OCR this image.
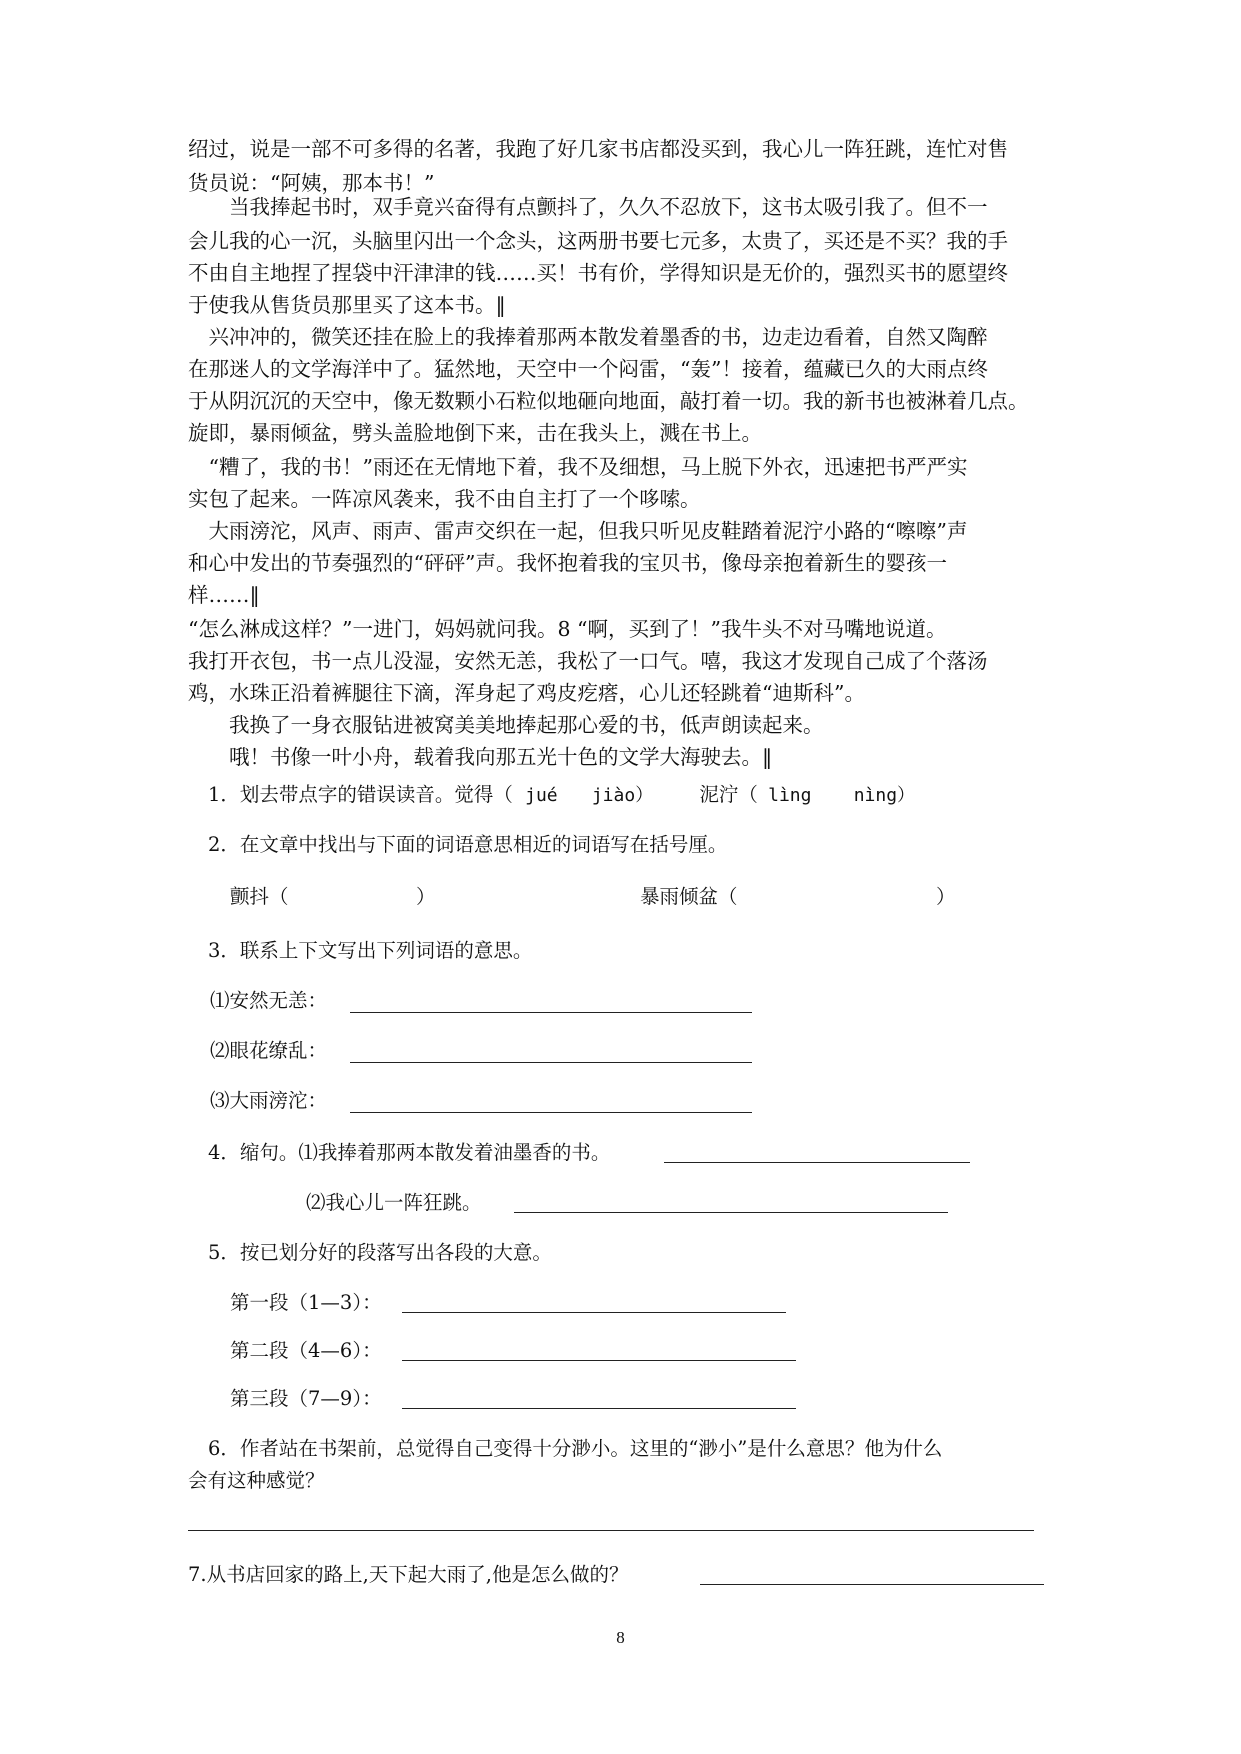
绍过，说是一部不可多得的名著，我跑了好几家书店都没买到，我心儿一阵狂跳，连忙对售
货员说：“阿姨，那本书！”
　　当我捧起书时，双手竟兴奋得有点颤抖了，久久不忍放下，这书太吸引我了。但不一
会儿我的心一沉，头脑里闪出一个念头，这两册书要七元多，太贵了，买还是不买？我的手
不由自主地捏了捏袋中汗津津的钱……买！书有价，学得知识是无价的，强烈买书的愿望终
于使我从售货员那里买了这本书。‖
　兴冲冲的，微笑还挂在脸上的我捧着那两本散发着墨香的书，边走边看着，自然又陶醉
在那迷人的文学海洋中了。猛然地，天空中一个闷雷，“轰”！接着，蕴藏已久的大雨点终
于从阴沉沉的天空中，像无数颗小石粒似地砸向地面，敲打着一切。我的新书也被淋着几点。
旋即，暴雨倾盆，劈头盖脸地倒下来，击在我头上，溅在书上。
　“糟了，我的书！”雨还在无情地下着，我不及细想，马上脱下外衣，迅速把书严严实
实包了起来。一阵凉风袭来，我不由自主打了一个哆嗦。
　大雨滂沱，风声、雨声、雷声交织在一起，但我只听见皮鞋踏着泥泞小路的“嚓嚓”声
和心中发出的节奏强烈的“砰砰”声。我怀抱着我的宝贝书，像母亲抱着新生的婴孩一
样……‖
“怎么淋成这样？”一进门，妈妈就问我。8 “啊，买到了！”我牛头不对马嘴地说道。
我打开衣包，书一点儿没湿，安然无恙，我松了一口气。嘻，我这才发现自己成了个落汤
鸡，水珠正沿着裤腿往下滴，浑身起了鸡皮疙瘩，心儿还轻跳着“迪斯科”。
　　我换了一身衣服钻进被窝美美地捧起那心爱的书，低声朗读起来。
　　哦！书像一叶小舟，载着我向那五光十色的文学大海驶去。‖
1．划去带点字的错误读音。觉得（ jué jiào） 泥泞（ lìng nìng）
2．在文章中找出与下面的词语意思相近的词语写在括号厘。
颤抖（	）	暴雨倾盆（	）
3．联系上下文写出下列词语的意思。
⑴安然无恙：
⑵眼花缭乱：
⑶大雨滂沱：
4．缩句。⑴我捧着那两本散发着油墨香的书。
⑵我心儿一阵狂跳。
5．按已划分好的段落写出各段的大意。
第一段（1—3）：
第二段（4—6）：
第三段（7—9）：
6．作者站在书架前，总觉得自己变得十分渺小。这里的“渺小”是什么意思？他为什么
会有这种感觉？
7.从书店回家的路上,天下起大雨了,他是怎么做的？
8
